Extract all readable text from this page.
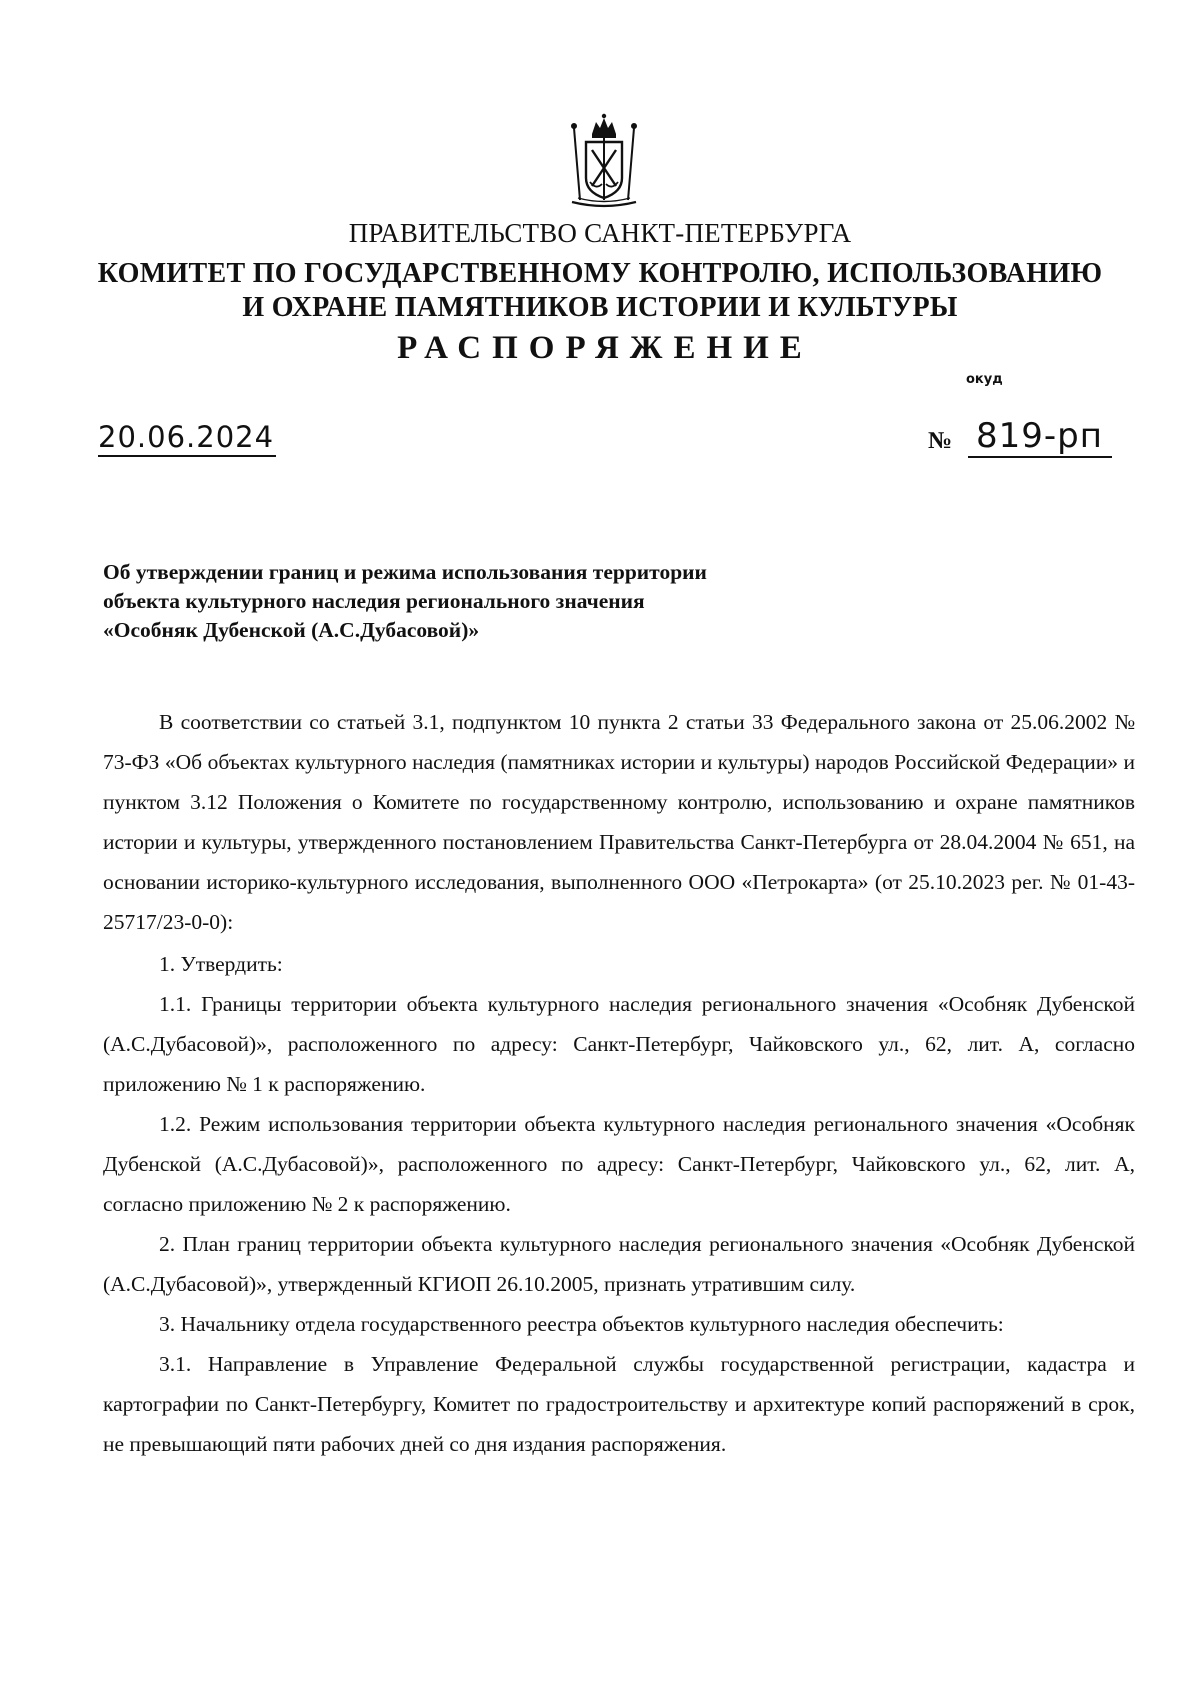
ПРАВИТЕЛЬСТВО САНКТ-ПЕТЕРБУРГА
КОМИТЕТ ПО ГОСУДАРСТВЕННОМУ КОНТРОЛЮ, ИСПОЛЬЗОВАНИЮ
И ОХРАНЕ ПАМЯТНИКОВ ИСТОРИИ И КУЛЬТУРЫ
РАСПОРЯЖЕНИЕ
окуд
20.06.2024	№ 819-рп
Об утверждении границ и режима использования территории
объекта культурного наследия регионального значения
«Особняк Дубенской (А.С.Дубасовой)»

В соответствии со статьей 3.1, подпунктом 10 пункта 2 статьи 33 Федерального закона от 25.06.2002 № 73-ФЗ «Об объектах культурного наследия (памятниках истории и культуры) народов Российской Федерации» и пунктом 3.12 Положения о Комитете по государственному контролю, использованию и охране памятников истории и культуры, утвержденного постановлением Правительства Санкт-Петербурга от 28.04.2004 № 651, на основании историко-культурного исследования, выполненного ООО «Петрокарта» (от 25.10.2023 рег. № 01-43-25717/23-0-0):

1. Утвердить:

1.1. Границы территории объекта культурного наследия регионального значения «Особняк Дубенской (А.С.Дубасовой)», расположенного по адресу: Санкт-Петербург, Чайковского ул., 62, лит. А, согласно приложению № 1 к распоряжению.

1.2. Режим использования территории объекта культурного наследия регионального значения «Особняк Дубенской (А.С.Дубасовой)», расположенного по адресу: Санкт-Петербург, Чайковского ул., 62, лит. А, согласно приложению № 2 к распоряжению.

2. План границ территории объекта культурного наследия регионального значения «Особняк Дубенской (А.С.Дубасовой)», утвержденный КГИОП 26.10.2005, признать утратившим силу.

3. Начальнику отдела государственного реестра объектов культурного наследия обеспечить:

3.1. Направление в Управление Федеральной службы государственной регистрации, кадастра и картографии по Санкт-Петербургу, Комитет по градостроительству и архитектуре копий распоряжений в срок, не превышающий пяти рабочих дней со дня издания распоряжения.
